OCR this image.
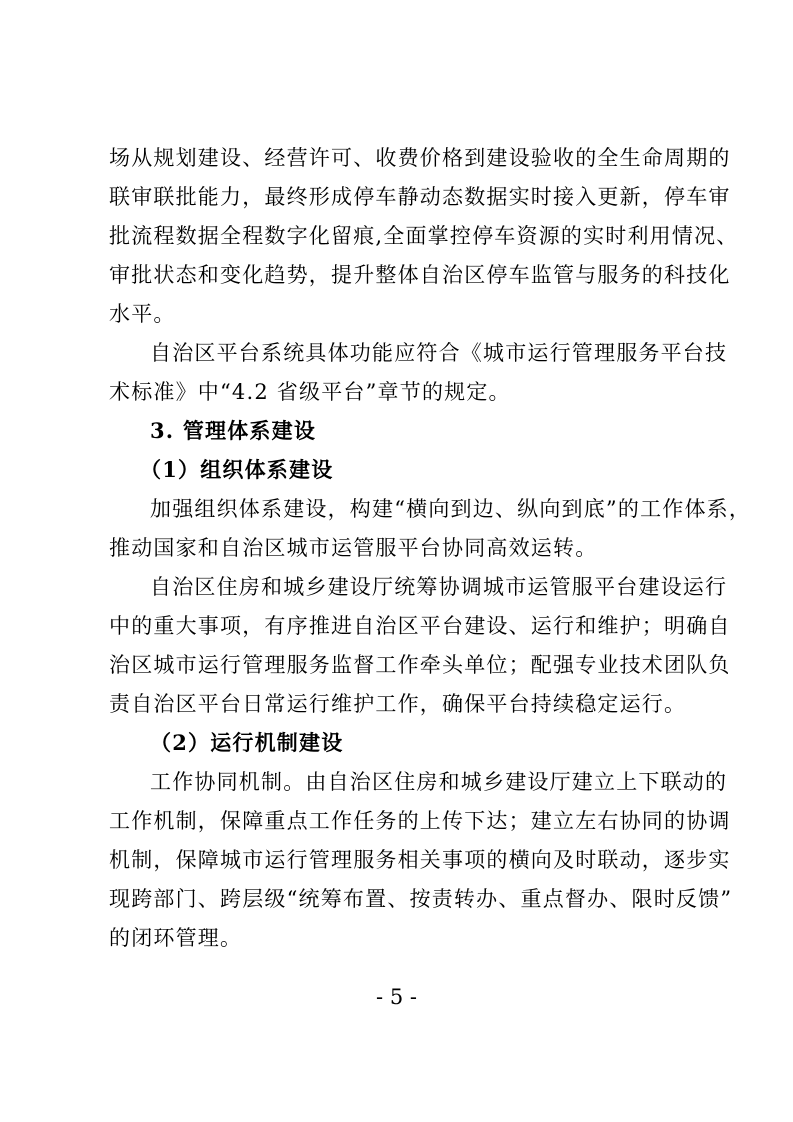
场从规划建设、经营许可、收费价格到建设验收的全生命周期的
联审联批能力，最终形成停车静动态数据实时接入更新，停车审
批流程数据全程数字化留痕,全面掌控停车资源的实时利用情况、
审批状态和变化趋势，提升整体自治区停车监管与服务的科技化
水平。
自治区平台系统具体功能应符合《城市运行管理服务平台技
术标准》中“4.2 省级平台”章节的规定。
3. 管理体系建设
（1）组织体系建设
加强组织体系建设，构建“横向到边、纵向到底”的工作体系，
推动国家和自治区城市运管服平台协同高效运转。
自治区住房和城乡建设厅统筹协调城市运管服平台建设运行
中的重大事项，有序推进自治区平台建设、运行和维护；明确自
治区城市运行管理服务监督工作牵头单位；配强专业技术团队负
责自治区平台日常运行维护工作，确保平台持续稳定运行。
（2）运行机制建设
工作协同机制。由自治区住房和城乡建设厅建立上下联动的
工作机制，保障重点工作任务的上传下达；建立左右协同的协调
机制，保障城市运行管理服务相关事项的横向及时联动，逐步实
现跨部门、跨层级“统筹布置、按责转办、重点督办、限时反馈”
的闭环管理。
- 5 -
